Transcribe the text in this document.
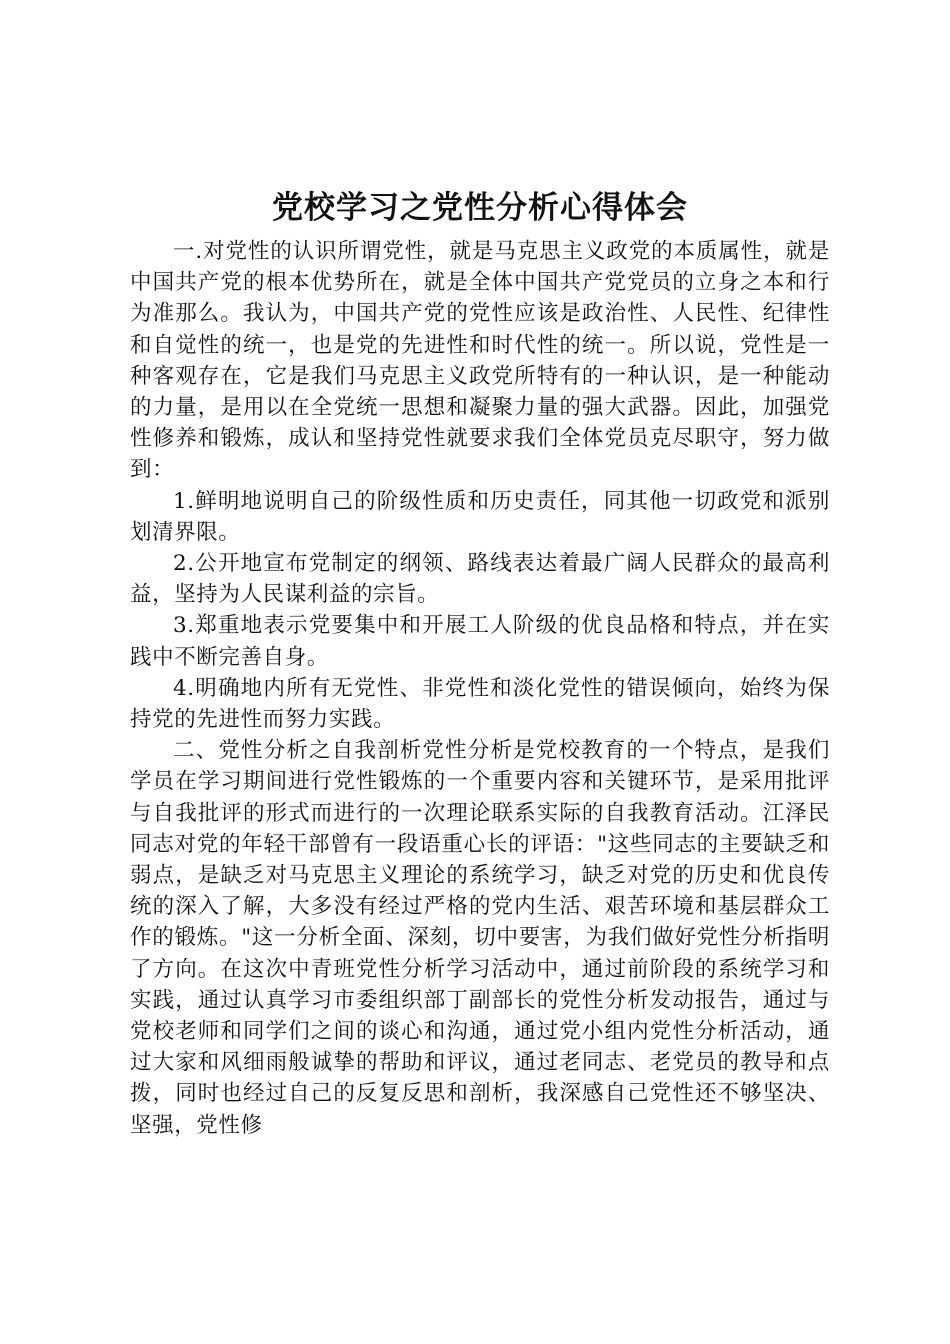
党校学习之党性分析心得体会

一.对党性的认识所谓党性，就是马克思主义政党的本质属性，就是中国共产党的根本优势所在，就是全体中国共产党党员的立身之本和行为准那么。我认为，中国共产党的党性应该是政治性、人民性、纪律性和自觉性的统一，也是党的先进性和时代性的统一。所以说，党性是一种客观存在，它是我们马克思主义政党所特有的一种认识，是一种能动的力量，是用以在全党统一思想和凝聚力量的强大武器。因此，加强党性修养和锻炼，成认和坚持党性就要求我们全体党员克尽职守，努力做到：

1.鲜明地说明自己的阶级性质和历史责任，同其他一切政党和派别划清界限。

2.公开地宣布党制定的纲领、路线表达着最广阔人民群众的最高利益，坚持为人民谋利益的宗旨。

3.郑重地表示党要集中和开展工人阶级的优良品格和特点，并在实践中不断完善自身。

4.明确地内所有无党性、非党性和淡化党性的错误倾向，始终为保持党的先进性而努力实践。

二、党性分析之自我剖析党性分析是党校教育的一个特点，是我们学员在学习期间进行党性锻炼的一个重要内容和关键环节，是采用批评与自我批评的形式而进行的一次理论联系实际的自我教育活动。江泽民同志对党的年轻干部曾有一段语重心长的评语："这些同志的主要缺乏和弱点，是缺乏对马克思主义理论的系统学习，缺乏对党的历史和优良传统的深入了解，大多没有经过严格的党内生活、艰苦环境和基层群众工作的锻炼。"这一分析全面、深刻，切中要害，为我们做好党性分析指明了方向。在这次中青班党性分析学习活动中，通过前阶段的系统学习和实践，通过认真学习市委组织部丁副部长的党性分析发动报告，通过与党校老师和同学们之间的谈心和沟通，通过党小组内党性分析活动，通过大家和风细雨般诚挚的帮助和评议，通过老同志、老党员的教导和点拨，同时也经过自己的反复反思和剖析，我深感自己党性还不够坚决、坚强，党性修
